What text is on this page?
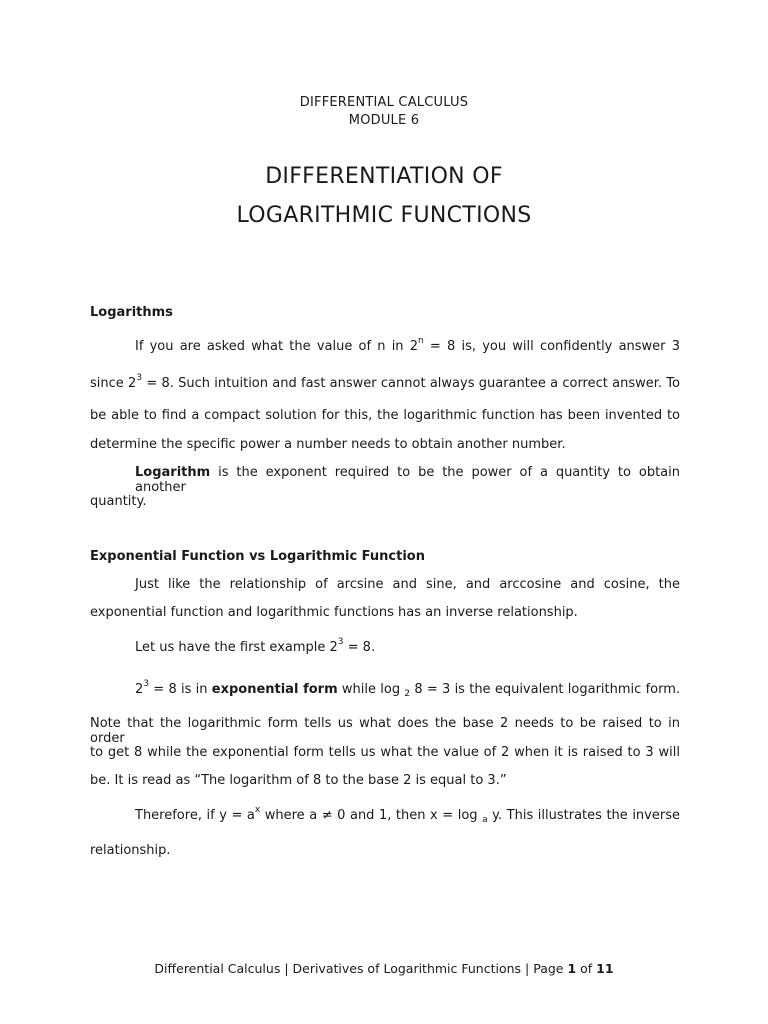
DIFFERENTIAL CALCULUS
MODULE 6
DIFFERENTIATION OF
LOGARITHMIC FUNCTIONS
Logarithms
If you are asked what the value of n in $2^n = 8$ is, you will confidently answer 3
since $2^3 = 8$. Such intuition and fast answer cannot always guarantee a correct answer. To
be able to find a compact solution for this, the logarithmic function has been invented to
determine the specific power a number needs to obtain another number.
Logarithm is the exponent required to be the power of a quantity to obtain another
quantity.
Exponential Function vs Logarithmic Function
Just like the relationship of arcsine and sine, and arccosine and cosine, the
exponential function and logarithmic functions has an inverse relationship.
Let us have the first example $2^3 = 8$.
$2^3 = 8$ is in exponential form while log $_2$ 8 = 3 is the equivalent logarithmic form.
Note that the logarithmic form tells us what does the base 2 needs to be raised to in order
to get 8 while the exponential form tells us what the value of 2 when it is raised to 3 will
be. It is read as “The logarithm of 8 to the base 2 is equal to 3.”
Therefore, if $y = a^x$ where a ≠ 0 and 1, then x = log $_a$ y. This illustrates the inverse
relationship.
Differential Calculus | Derivatives of Logarithmic Functions | Page 1 of 11
